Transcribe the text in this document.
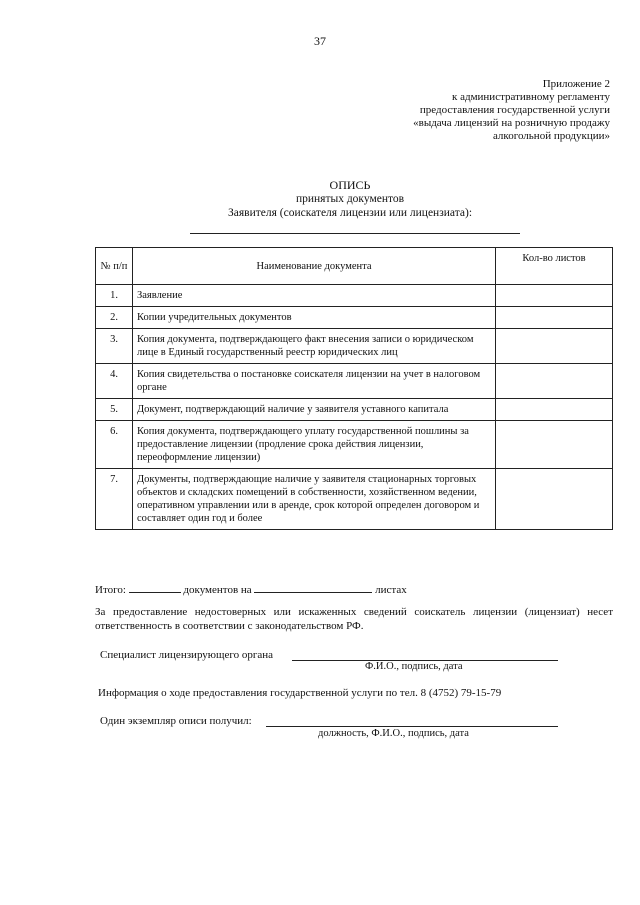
37
Приложение 2
к административному регламенту
предоставления государственной услуги
«выдача лицензий на розничную продажу
алкогольной продукции»
ОПИСЬ
принятых документов
Заявителя (соискателя лицензии или лицензиата):
№ п/п	Наименование документа	Кол-во листов
1.	Заявление	
2.	Копии учредительных документов	
3.	Копия документа, подтверждающего факт внесения записи о юридическом лице в Единый государственный реестр юридических лиц	
4.	Копия свидетельства о постановке соискателя лицензии на учет в налоговом органе	
5.	Документ, подтверждающий наличие у заявителя уставного капитала	
6.	Копия документа, подтверждающего уплату государственной пошлины за предоставление лицензии (продление срока действия лицензии, переоформление лицензии)	
7.	Документы, подтверждающие наличие у заявителя стационарных торговых объектов и складских помещений в собственности, хозяйственном ведении, оперативном управлении или в аренде, срок которой определен договором и составляет один год и более	
Итого:	документов на	листах
За предоставление недостоверных или искаженных сведений соискатель лицензии (лицензиат) несет ответственность в соответствии с законодательством РФ.
Специалист лицензирующего органа
Ф.И.О., подпись, дата
Информация о ходе предоставления государственной услуги по тел. 8 (4752) 79-15-79
Один экземпляр описи получил:
должность, Ф.И.О., подпись, дата
